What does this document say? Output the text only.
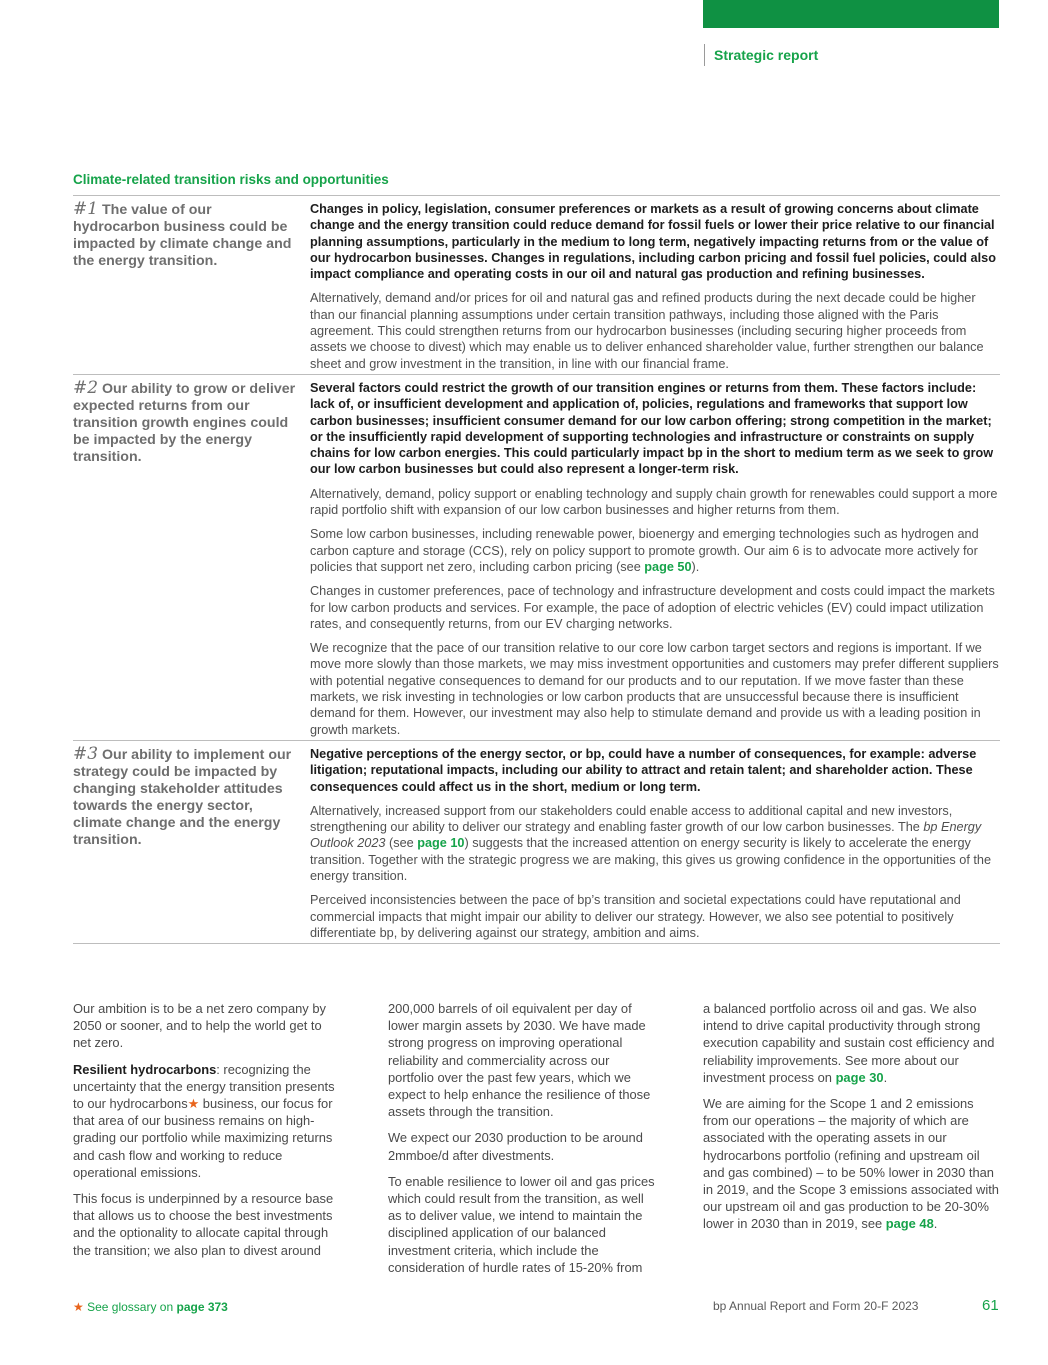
Strategic report
Climate-related transition risks and opportunities
#1 The value of our hydrocarbon business could be impacted by climate change and the energy transition.

Changes in policy, legislation, consumer preferences or markets as a result of growing concerns about climate change and the energy transition could reduce demand for fossil fuels or lower their price relative to our financial planning assumptions, particularly in the medium to long term, negatively impacting returns from or the value of our hydrocarbon businesses. Changes in regulations, including carbon pricing and fossil fuel policies, could also impact compliance and operating costs in our oil and natural gas production and refining businesses.

Alternatively, demand and/or prices for oil and natural gas and refined products during the next decade could be higher than our financial planning assumptions under certain transition pathways, including those aligned with the Paris agreement. This could strengthen returns from our hydrocarbon businesses (including securing higher proceeds from assets we choose to divest) which may enable us to deliver enhanced shareholder value, further strengthen our balance sheet and grow investment in the transition, in line with our financial frame.

#2 Our ability to grow or deliver expected returns from our transition growth engines could be impacted by the energy transition.

Several factors could restrict the growth of our transition engines or returns from them. These factors include: lack of, or insufficient development and application of, policies, regulations and frameworks that support low carbon businesses; insufficient consumer demand for our low carbon offering; strong competition in the market; or the insufficiently rapid development of supporting technologies and infrastructure or constraints on supply chains for low carbon energies. This could particularly impact bp in the short to medium term as we seek to grow our low carbon businesses but could also represent a longer-term risk.

Alternatively, demand, policy support or enabling technology and supply chain growth for renewables could support a more rapid portfolio shift with expansion of our low carbon businesses and higher returns from them.

Some low carbon businesses, including renewable power, bioenergy and emerging technologies such as hydrogen and carbon capture and storage (CCS), rely on policy support to promote growth. Our aim 6 is to advocate more actively for policies that support net zero, including carbon pricing (see page 50).

Changes in customer preferences, pace of technology and infrastructure development and costs could impact the markets for low carbon products and services. For example, the pace of adoption of electric vehicles (EV) could impact utilization rates, and consequently returns, from our EV charging networks.

We recognize that the pace of our transition relative to our core low carbon target sectors and regions is important. If we move more slowly than those markets, we may miss investment opportunities and customers may prefer different suppliers with potential negative consequences to demand for our products and to our reputation. If we move faster than these markets, we risk investing in technologies or low carbon products that are unsuccessful because there is insufficient demand for them. However, our investment may also help to stimulate demand and provide us with a leading position in growth markets.

#3 Our ability to implement our strategy could be impacted by changing stakeholder attitudes towards the energy sector, climate change and the energy transition.

Negative perceptions of the energy sector, or bp, could have a number of consequences, for example: adverse litigation; reputational impacts, including our ability to attract and retain talent; and shareholder action. These consequences could affect us in the short, medium or long term.

Alternatively, increased support from our stakeholders could enable access to additional capital and new investors, strengthening our ability to deliver our strategy and enabling faster growth of our low carbon businesses. The bp Energy Outlook 2023 (see page 10) suggests that the increased attention on energy security is likely to accelerate the energy transition. Together with the strategic progress we are making, this gives us growing confidence in the opportunities of the energy transition.

Perceived inconsistencies between the pace of bp’s transition and societal expectations could have reputational and commercial impacts that might impair our ability to deliver our strategy. However, we also see potential to positively differentiate bp, by delivering against our strategy, ambition and aims.

Our ambition is to be a net zero company by 2050 or sooner, and to help the world get to net zero.

Resilient hydrocarbons: recognizing the uncertainty that the energy transition presents to our hydrocarbons★ business, our focus for that area of our business remains on high-grading our portfolio while maximizing returns and cash flow and working to reduce operational emissions.

This focus is underpinned by a resource base that allows us to choose the best investments and the optionality to allocate capital through the transition; we also plan to divest around

200,000 barrels of oil equivalent per day of lower margin assets by 2030. We have made strong progress on improving operational reliability and commerciality across our portfolio over the past few years, which we expect to help enhance the resilience of those assets through the transition.

We expect our 2030 production to be around 2mmboe/d after divestments.

To enable resilience to lower oil and gas prices which could result from the transition, as well as to deliver value, we intend to maintain the disciplined application of our balanced investment criteria, which include the consideration of hurdle rates of 15-20% from

a balanced portfolio across oil and gas. We also intend to drive capital productivity through strong execution capability and sustain cost efficiency and reliability improvements. See more about our investment process on page 30.

We are aiming for the Scope 1 and 2 emissions from our operations – the majority of which are associated with the operating assets in our hydrocarbons portfolio (refining and upstream oil and gas combined) – to be 50% lower in 2030 than in 2019, and the Scope 3 emissions associated with our upstream oil and gas production to be 20-30% lower in 2030 than in 2019, see page 48.

★ See glossary on page 373	bp Annual Report and Form 20-F 2023	61
